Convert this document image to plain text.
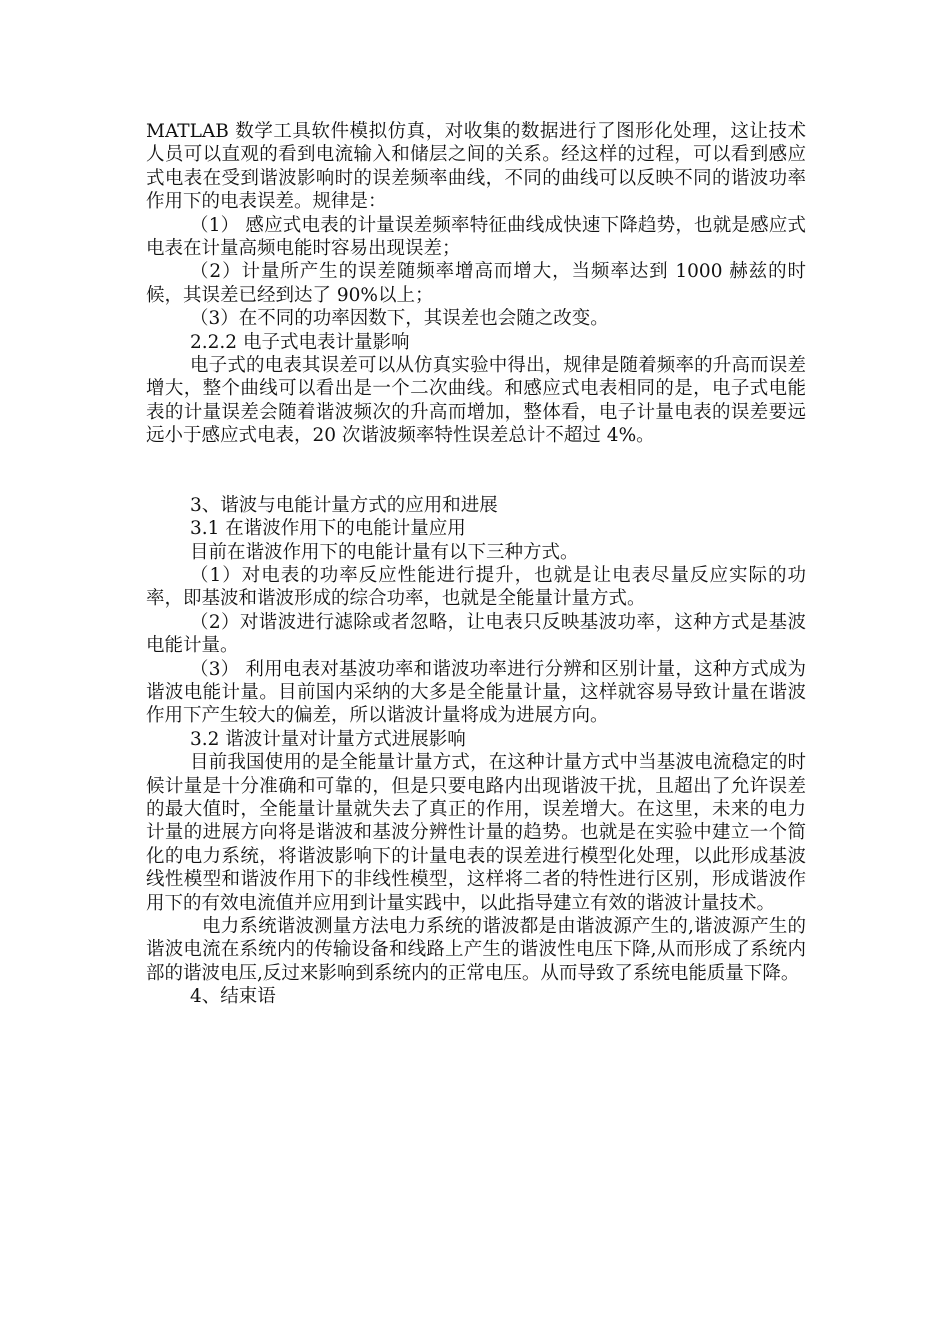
MATLAB 数学工具软件模拟仿真，对收集的数据进行了图形化处理，这让技术人员可以直观的看到电流输入和储层之间的关系。经这样的过程，可以看到感应式电表在受到谐波影响时的误差频率曲线，不同的曲线可以反映不同的谐波功率作用下的电表误差。规律是：

（1） 感应式电表的计量误差频率特征曲线成快速下降趋势，也就是感应式电表在计量高频电能时容易出现误差；

（2）计量所产生的误差随频率增高而增大，当频率达到 1000 赫兹的时候，其误差已经到达了 90%以上；

（3）在不同的功率因数下，其误差也会随之改变。

2.2.2 电子式电表计量影响

电子式的电表其误差可以从仿真实验中得出，规律是随着频率的升高而误差增大，整个曲线可以看出是一个二次曲线。和感应式电表相同的是，电子式电能表的计量误差会随着谐波频次的升高而增加，整体看，电子计量电表的误差要远远小于感应式电表，20 次谐波频率特性误差总计不超过 4%。

3、谐波与电能计量方式的应用和进展

3.1 在谐波作用下的电能计量应用

目前在谐波作用下的电能计量有以下三种方式。

（1）对电表的功率反应性能进行提升，也就是让电表尽量反应实际的功率，即基波和谐波形成的综合功率，也就是全能量计量方式。

（2）对谐波进行滤除或者忽略，让电表只反映基波功率，这种方式是基波电能计量。

（3） 利用电表对基波功率和谐波功率进行分辨和区别计量，这种方式成为谐波电能计量。目前国内采纳的大多是全能量计量，这样就容易导致计量在谐波作用下产生较大的偏差，所以谐波计量将成为进展方向。

3.2 谐波计量对计量方式进展影响

目前我国使用的是全能量计量方式，在这种计量方式中当基波电流稳定的时候计量是十分准确和可靠的，但是只要电路内出现谐波干扰，且超出了允许误差的最大值时，全能量计量就失去了真正的作用，误差增大。在这里，未来的电力计量的进展方向将是谐波和基波分辨性计量的趋势。也就是在实验中建立一个简化的电力系统，将谐波影响下的计量电表的误差进行模型化处理，以此形成基波线性模型和谐波作用下的非线性模型，这样将二者的特性进行区别，形成谐波作用下的有效电流值并应用到计量实践中，以此指导建立有效的谐波计量技术。

电力系统谐波测量方法电力系统的谐波都是由谐波源产生的,谐波源产生的谐波电流在系统内的传输设备和线路上产生的谐波性电压下降,从而形成了系统内部的谐波电压,反过来影响到系统内的正常电压。从而导致了系统电能质量下降。

4、结束语
